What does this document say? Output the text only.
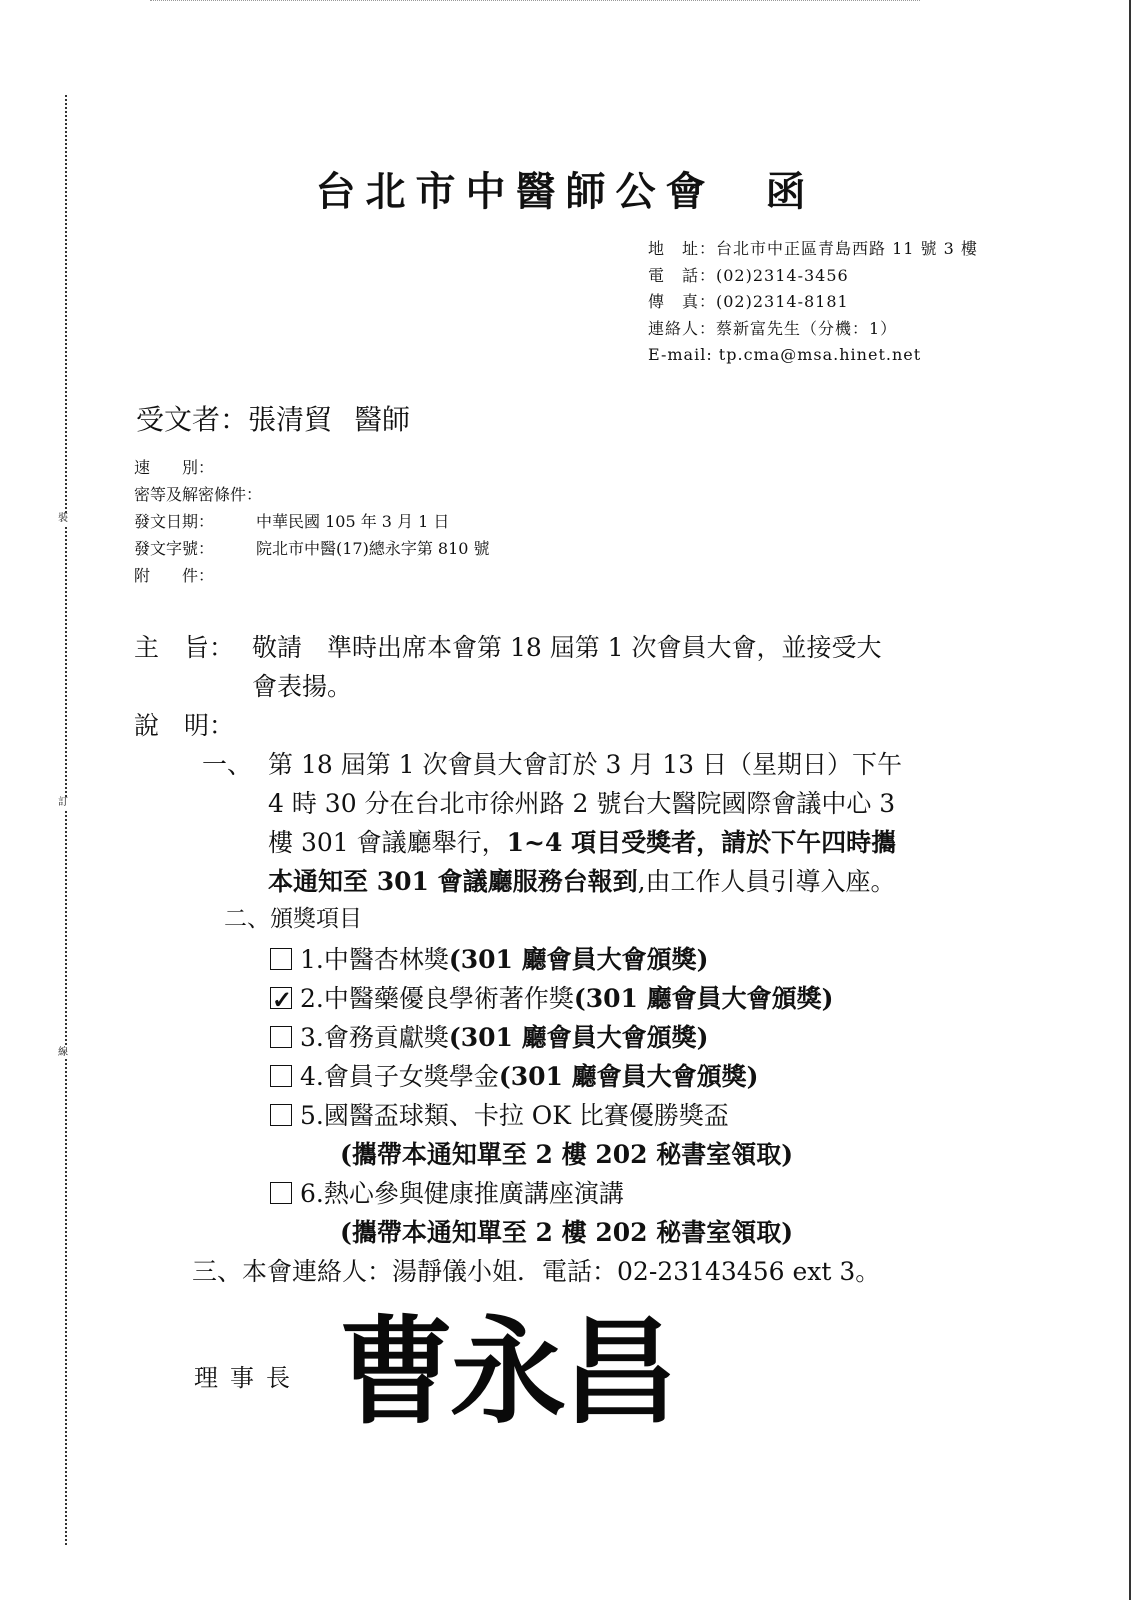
裝
訂
線
台北市中醫師公會　函
地　址：台北市中正區青島西路 11 號 3 樓
電　話：(02)2314-3456
傳　真：(02)2314-8181
連絡人：蔡新富先生（分機：1）
E-mail: tp.cma@msa.hinet.net
受文者：張清貿 醫師
速　　別：
密等及解密條件：
發文日期：	中華民國 105 年 3 月 1 日
發文字號：	院北市中醫(17)總永字第 810 號
附　　件：
主　旨： 敬請　準時出席本會第 18 屆第 1 次會員大會，並接受大
會表揚。
說　明：
一、 第 18 屆第 1 次會員大會訂於 3 月 13 日（星期日）下午
4 時 30 分在台北市徐州路 2 號台大醫院國際會議中心 3
樓 301 會議廳舉行，1~4 項目受獎者，請於下午四時攜
本通知至 301 會議廳服務台報到,由工作人員引導入座。
二、頒獎項目
1.中醫杏林獎(301 廳會員大會頒獎)
✓2.中醫藥優良學術著作獎(301 廳會員大會頒獎)
3.會務貢獻獎(301 廳會員大會頒獎)
4.會員子女獎學金(301 廳會員大會頒獎)
5.國醫盃球類、卡拉 OK 比賽優勝獎盃
(攜帶本通知單至 2 樓 202 秘書室領取)
6.熱心參與健康推廣講座演講
(攜帶本通知單至 2 樓 202 秘書室領取)
三、本會連絡人：湯靜儀小姐．電話：02-23143456 ext 3。
理事長 曹永昌
